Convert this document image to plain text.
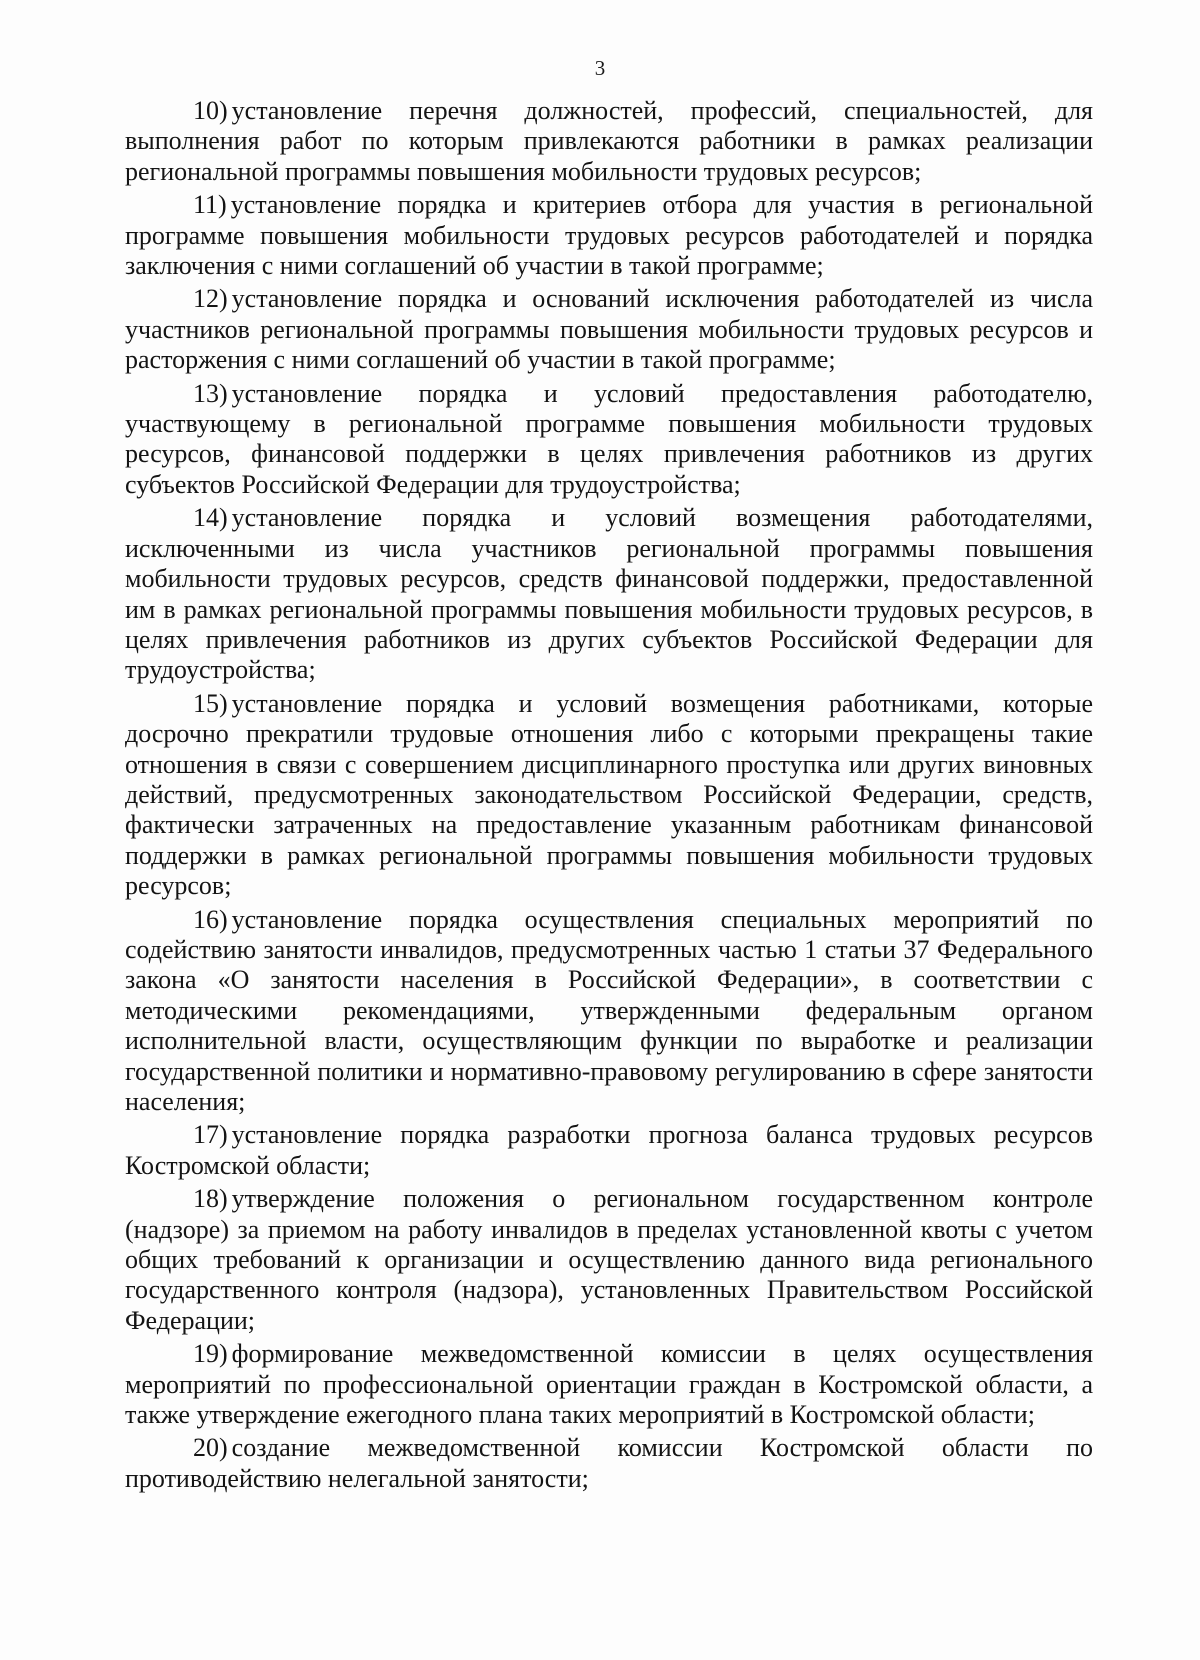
3

10) установление перечня должностей, профессий, специальностей, для выполнения работ по которым привлекаются работники в рамках реализации региональной программы повышения мобильности трудовых ресурсов;

11) установление порядка и критериев отбора для участия в региональной программе повышения мобильности трудовых ресурсов работодателей и порядка заключения с ними соглашений об участии в такой программе;

12) установление порядка и оснований исключения работодателей из числа участников региональной программы повышения мобильности трудовых ресурсов и расторжения с ними соглашений об участии в такой программе;

13) установление порядка и условий предоставления работодателю, участвующему в региональной программе повышения мобильности трудовых ресурсов, финансовой поддержки в целях привлечения работников из других субъектов Российской Федерации для трудоустройства;

14) установление порядка и условий возмещения работодателями, исключенными из числа участников региональной программы повышения мобильности трудовых ресурсов, средств финансовой поддержки, предоставленной им в рамках региональной программы повышения мобильности трудовых ресурсов, в целях привлечения работников из других субъектов Российской Федерации для трудоустройства;

15) установление порядка и условий возмещения работниками, которые досрочно прекратили трудовые отношения либо с которыми прекращены такие отношения в связи с совершением дисциплинарного проступка или других виновных действий, предусмотренных законодательством Российской Федерации, средств, фактически затраченных на предоставление указанным работникам финансовой поддержки в рамках региональной программы повышения мобильности трудовых ресурсов;

16) установление порядка осуществления специальных мероприятий по содействию занятости инвалидов, предусмотренных частью 1 статьи 37 Федерального закона «О занятости населения в Российской Федерации», в соответствии с методическими рекомендациями, утвержденными федеральным органом исполнительной власти, осуществляющим функции по выработке и реализации государственной политики и нормативно-правовому регулированию в сфере занятости населения;

17) установление порядка разработки прогноза баланса трудовых ресурсов Костромской области;

18) утверждение положения о региональном государственном контроле (надзоре) за приемом на работу инвалидов в пределах установленной квоты с учетом общих требований к организации и осуществлению данного вида регионального государственного контроля (надзора), установленных Правительством Российской Федерации;

19) формирование межведомственной комиссии в целях осуществления мероприятий по профессиональной ориентации граждан в Костромской области, а также утверждение ежегодного плана таких мероприятий в Костромской области;

20) создание межведомственной комиссии Костромской области по противодействию нелегальной занятости;
